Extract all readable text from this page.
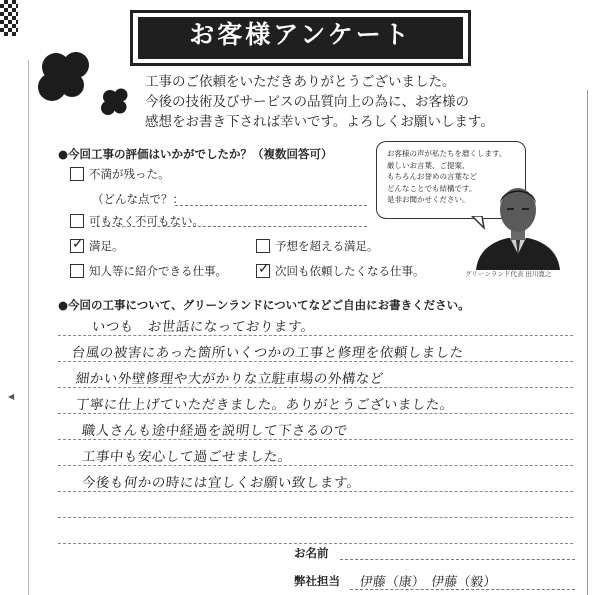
◀
お客様アンケート
工事のご依頼をいただきありがとうございました。
今後の技術及びサービスの品質向上の為に、お客様の
感想をお書き下されば幸いです。よろしくお願いします。
●今回工事の評価はいかがでしたか？（複数回答可）
不満が残った。
（どんな点で？：
可もなく不可もない。
✓ 満足。	予想を超える満足。
知人等に紹介できる仕事。 ✓ 次回も依頼したくなる仕事。
お客様の声が私たちを磨くします。
厳しいお言葉、ご提案、
もちろんお誉めの言葉など
どんなことでも結構です。
是非お聞かせください。
グリーンランド代表 田川寛之
●今回の工事について、グリーンランドについてなどご自由にお書きください。
いつも　お世話になっております。
台風の被害にあった箇所いくつかの工事と修理を依頼しました
細かい外壁修理や大がかりな立駐車場の外構など
丁寧に仕上げていただきました。ありがとうございました。
職人さんも途中経過を説明して下さるので
工事中も安心して過ごせました。
今後も何かの時には宜しくお願い致します。
お名前
弊社担当 伊藤（康）　伊藤（毅）
